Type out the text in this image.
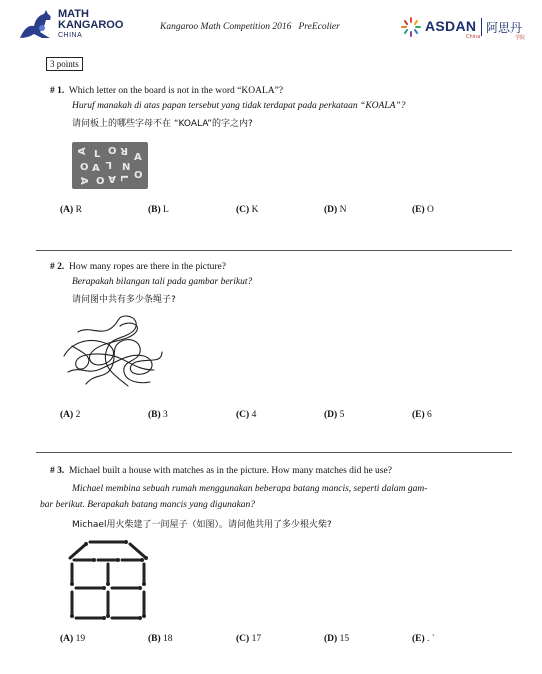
MATH
KANGAROO
CHINA
Kangaroo Math Competition 2016   PreEcolier	ASDAN
China
阿思丹
学院
3 points
# 1. Which letter on the board is not in the word “KOALA”?
Huruf manakah di atas papan tersebut yang tidak terdapat pada perkataan “KOALA”?
请问板上的哪些字母不在 “KOALA”的字之内?
A L O R
A
O A L N
A O A L O
(A) R	(B) L	(C) K	(D) N	(E) O
# 2. How many ropes are there in the picture?
Berapakah bilangan tali pada gambar berikut?
请问图中共有多少条绳子?
(A) 2	(B) 3	(C) 4	(D) 5	(E) 6
# 3. Michael built a house with matches as in the picture. How many matches did he use?
Michael membina sebuah rumah menggunakan beberapa batang mancis, seperti dalam gam-
bar berikut. Berapakah batang mancis yang digunakan?
Michael用火柴建了一间屋子（如图）。请问他共用了多少根火柴?
(A) 19	(B) 18	(C) 17	(D) 15	(E) . `
